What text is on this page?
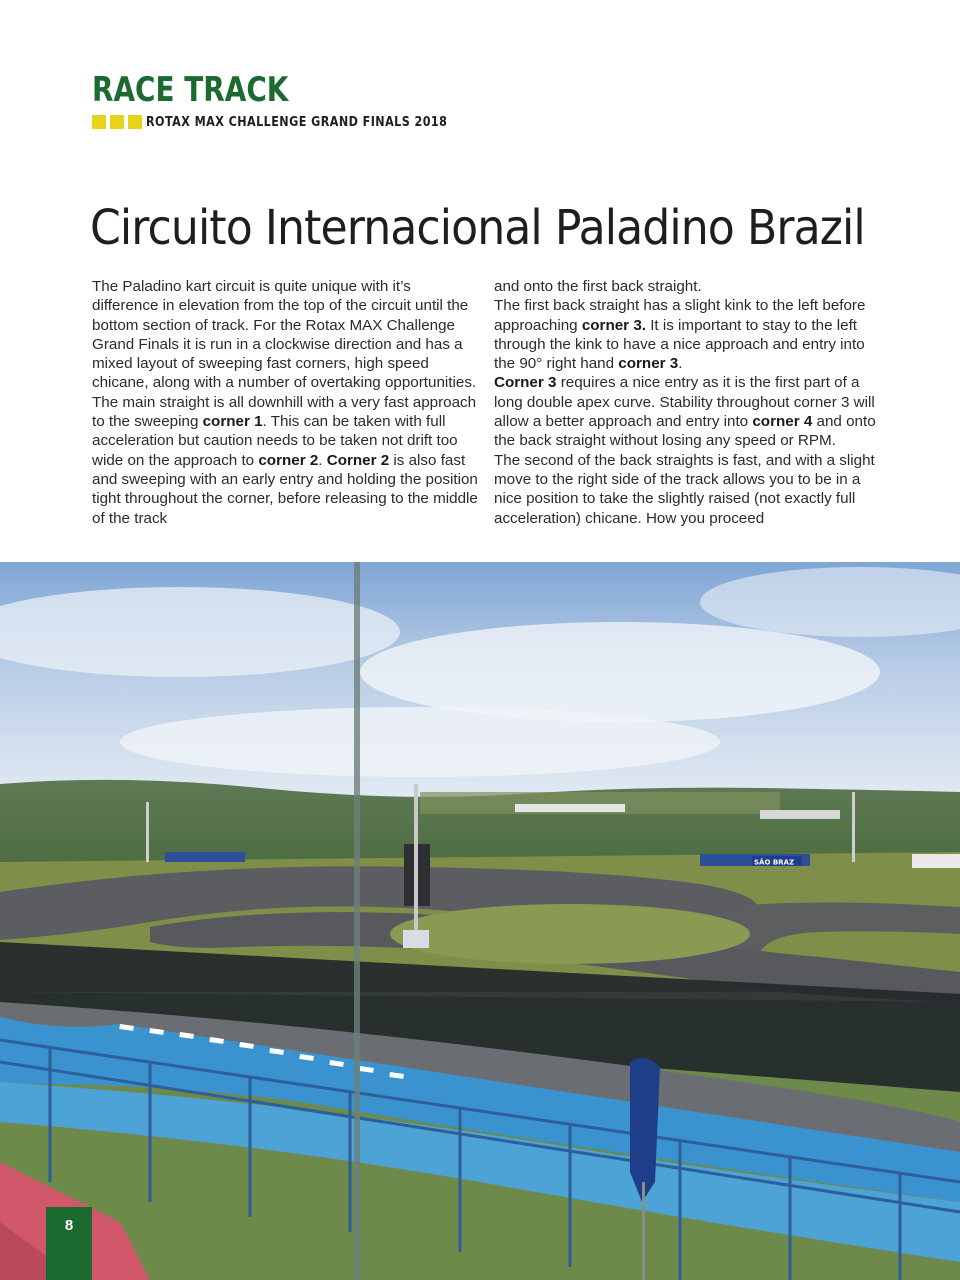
RACE TRACK
ROTAX MAX CHALLENGE GRAND FINALS 2018
Circuito Internacional Paladino Brazil

The Paladino kart circuit is quite unique with it’s difference in elevation from the top of the circuit until the bottom section of track. For the Rotax MAX Challenge Grand Finals it is run in a clockwise direction and has a mixed layout of sweeping fast corners, high speed chicane, along with a number of overtaking opportunities.

The main straight is all downhill with a very fast approach to the sweeping corner 1. This can be taken with full acceleration but caution needs to be taken not drift too wide on the approach to corner 2. Corner 2 is also fast and sweeping with an early entry and holding the position tight throughout the corner, before releasing to the middle of the track

and onto the first back straight.

The first back straight has a slight kink to the left before approaching corner 3. It is important to stay to the left through the kink to have a nice approach and entry into the 90° right hand corner 3.

Corner 3 requires a nice entry as it is the first part of a long double apex curve. Stability throughout corner 3 will allow a better approach and entry into corner 4 and onto the back straight without losing any speed or RPM.

The second of the back straights is fast, and with a slight move to the right side of the track allows you to be in a nice position to take the slightly raised (not exactly full acceleration) chicane. How you proceed

SÃO BRAZ
8
